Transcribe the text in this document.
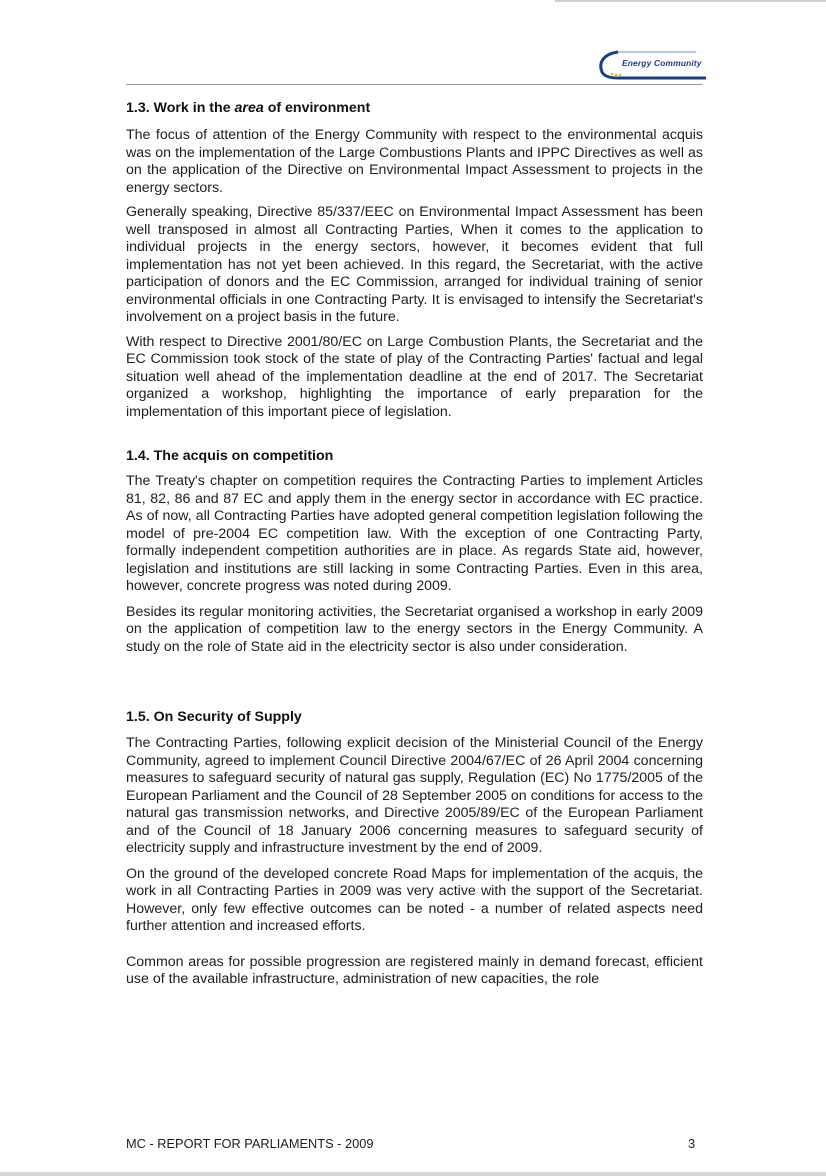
Energy Community
1.3. Work in the area of environment

The focus of attention of the Energy Community with respect to the environmental acquis was on the implementation of the Large Combustions Plants and IPPC Directives as well as on the application of the Directive on Environmental Impact Assessment to projects in the energy sectors.

Generally speaking, Directive 85/337/EEC on Environmental Impact Assessment has been well transposed in almost all Contracting Parties, When it comes to the application to individual projects in the energy sectors, however, it becomes evident that full implementation has not yet been achieved. In this regard, the Secretariat, with the active participation of donors and the EC Commission, arranged for individual training of senior environmental officials in one Contracting Party. It is envisaged to intensify the Secretariat's involvement on a project basis in the future.

With respect to Directive 2001/80/EC on Large Combustion Plants, the Secretariat and the EC Commission took stock of the state of play of the Contracting Parties' factual and legal situation well ahead of the implementation deadline at the end of 2017. The Secretariat organized a workshop, highlighting the importance of early preparation for the implementation of this important piece of legislation.

1.4. The acquis on competition

The Treaty's chapter on competition requires the Contracting Parties to implement Articles 81, 82, 86 and 87 EC and apply them in the energy sector in accordance with EC practice. As of now, all Contracting Parties have adopted general competition legislation following the model of pre-2004 EC competition law. With the exception of one Contracting Party, formally independent competition authorities are in place. As regards State aid, however, legislation and institutions are still lacking in some Contracting Parties. Even in this area, however, concrete progress was noted during 2009.

Besides its regular monitoring activities, the Secretariat organised a workshop in early 2009 on the application of competition law to the energy sectors in the Energy Community. A study on the role of State aid in the electricity sector is also under consideration.

1.5. On Security of Supply

The Contracting Parties, following explicit decision of the Ministerial Council of the Energy Community, agreed to implement Council Directive 2004/67/EC of 26 April 2004 concerning measures to safeguard security of natural gas supply, Regulation (EC) No 1775/2005 of the European Parliament and the Council of 28 September 2005 on conditions for access to the natural gas transmission networks, and Directive 2005/89/EC of the European Parliament and of the Council of 18 January 2006 concerning measures to safeguard security of electricity supply and infrastructure investment by the end of 2009.

On the ground of the developed concrete Road Maps for implementation of the acquis, the work in all Contracting Parties in 2009 was very active with the support of the Secretariat. However, only few effective outcomes can be noted - a number of related aspects need further attention and increased efforts.

Common areas for possible progression are registered mainly in demand forecast, efficient use of the available infrastructure, administration of new capacities, the role

MC - REPORT FOR PARLIAMENTS - 2009	3
